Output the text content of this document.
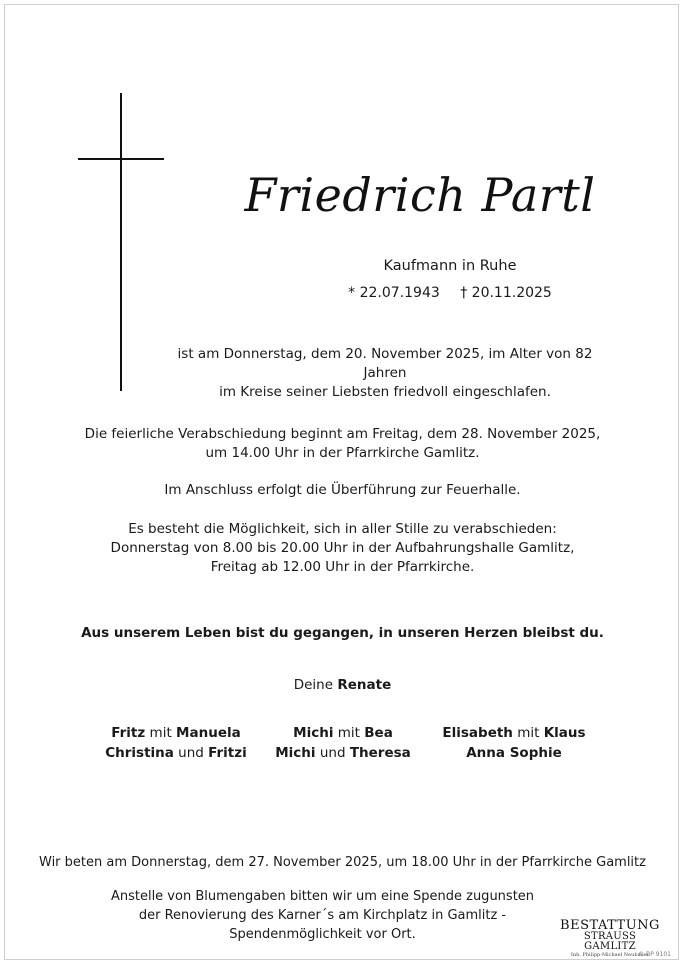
Friedrich Partl
Kaufmann in Ruhe
* 22.07.1943 † 20.11.2025
ist am Donnerstag, dem 20. November 2025, im Alter von 82 Jahren
im Kreise seiner Liebsten friedvoll eingeschlafen.
Die feierliche Verabschiedung beginnt am Freitag, dem 28. November 2025,
um 14.00 Uhr in der Pfarrkirche Gamlitz.
Im Anschluss erfolgt die Überführung zur Feuerhalle.
Es besteht die Möglichkeit, sich in aller Stille zu verabschieden:
Donnerstag von 8.00 bis 20.00 Uhr in der Aufbahrungshalle Gamlitz,
Freitag ab 12.00 Uhr in der Pfarrkirche.
Aus unserem Leben bist du gegangen, in unseren Herzen bleibst du.
Deine Renate
Fritz mit Manuela
Christina und Fritzi
Michi mit Bea
Michi und Theresa
Elisabeth mit Klaus
Anna Sophie
Wir beten am Donnerstag, dem 27. November 2025, um 18.00 Uhr in der Pfarrkirche Gamlitz
Anstelle von Blumengaben bitten wir um eine Spende zugunsten
der Renovierung des Karner´s am Kirchplatz in Gamlitz -
Spendenmöglichkeit vor Ort.
BESTATTUNG
STRAUSS GAMLITZ
Inh. Philipp-Michael Neubauer
© BP 9101
